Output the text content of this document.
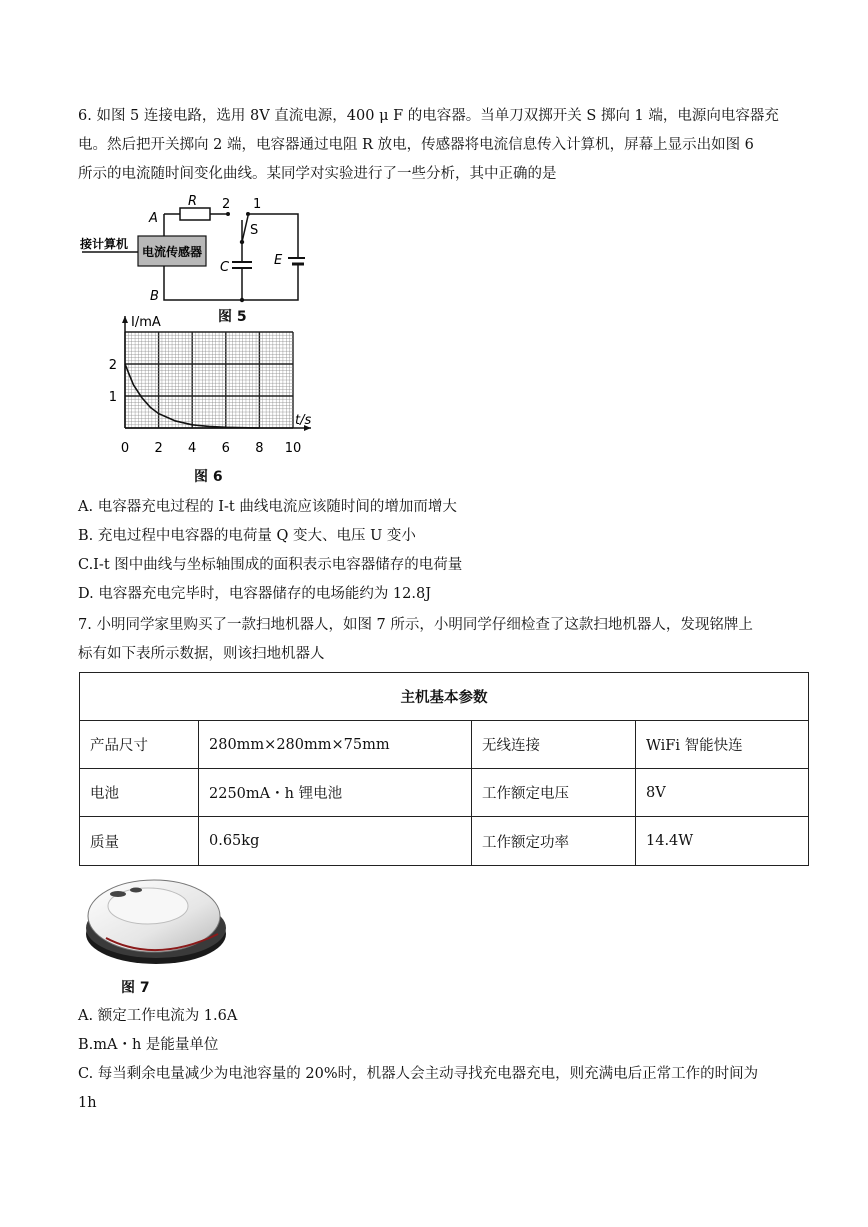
6. 如图 5 连接电路，选用 8V 直流电源，400 μ F 的电容器。当单刀双掷开关 S 掷向 1 端，电源向电容器充
电。然后把开关掷向 2 端，电容器通过电阻 R 放电，传感器将电流信息传入计算机，屏幕上显示出如图 6
所示的电流随时间变化曲线。某同学对实验进行了一些分析，其中正确的是
电流传感器
接计算机
A
B
R 2 1
S
C	E
图 5
t/s
I/mA
0 2 4 6 8 10
1
2
图 6
A. 电容器充电过程的 I-t 曲线电流应该随时间的增加而增大
B. 充电过程中电容器的电荷量 Q 变大、电压 U 变小
C.I-t 图中曲线与坐标轴围成的面积表示电容器储存的电荷量
D. 电容器充电完毕时，电容器储存的电场能约为 12.8J
7. 小明同学家里购买了一款扫地机器人，如图 7 所示，小明同学仔细检查了这款扫地机器人，发现铭牌上
标有如下表所示数据，则该扫地机器人
主机基本参数			
产品尺寸	280mm×280mm×75mm	无线连接	WiFi 智能快连
电池	2250mA・h 锂电池	工作额定电压	8V
质量	0.65kg	工作额定功率	14.4W
图 7
A. 额定工作电流为 1.6A
B.mA・h 是能量单位
C. 每当剩余电量减少为电池容量的 20%时，机器人会主动寻找充电器充电，则充满电后正常工作的时间为
1h
